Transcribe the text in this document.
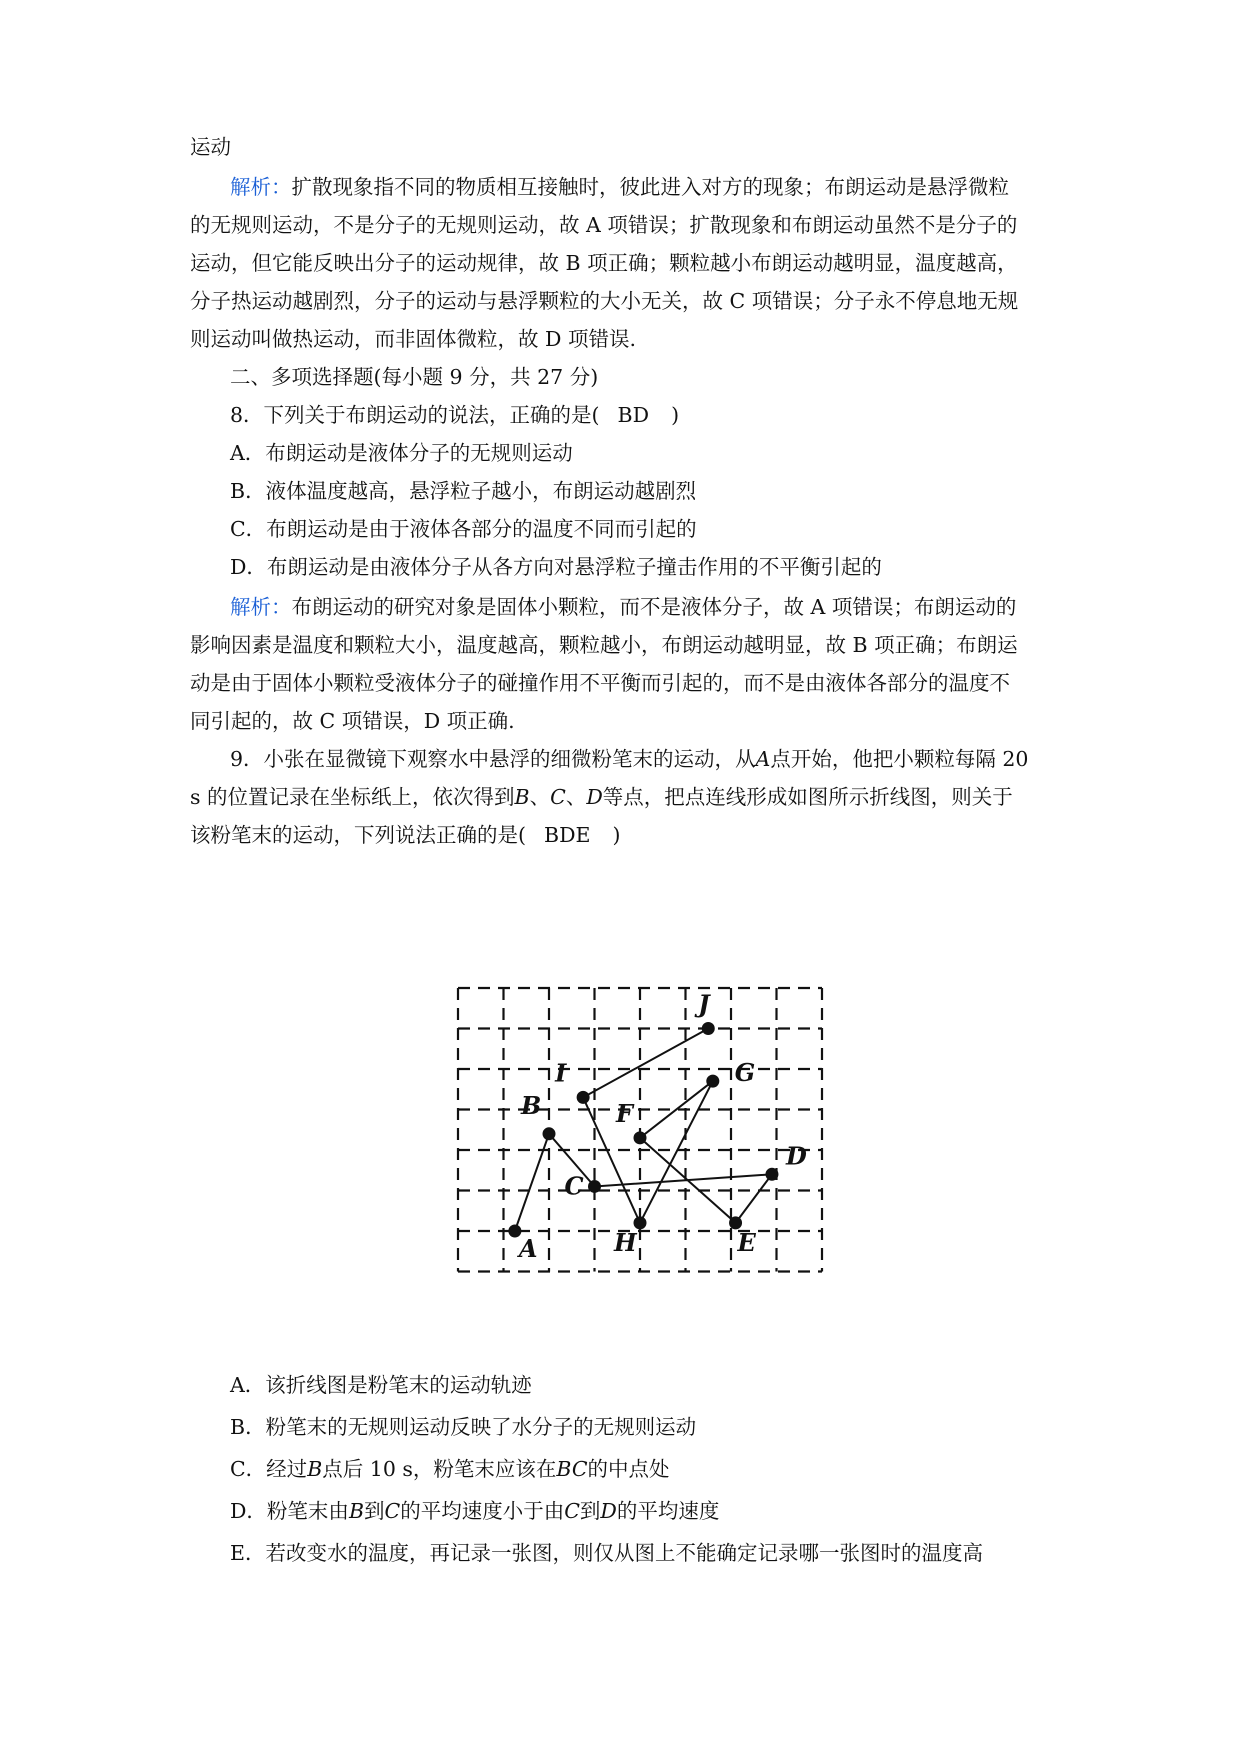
运动
解析：扩散现象指不同的物质相互接触时，彼此进入对方的现象；布朗运动是悬浮微粒
的无规则运动，不是分子的无规则运动，故 A 项错误；扩散现象和布朗运动虽然不是分子的
运动，但它能反映出分子的运动规律，故 B 项正确；颗粒越小布朗运动越明显，温度越高，
分子热运动越剧烈，分子的运动与悬浮颗粒的大小无关，故 C 项错误；分子永不停息地无规
则运动叫做热运动，而非固体微粒，故 D 项错误.
二、多项选择题(每小题 9 分，共 27 分)
8．下列关于布朗运动的说法，正确的是( BD )
A．布朗运动是液体分子的无规则运动
B．液体温度越高，悬浮粒子越小，布朗运动越剧烈
C．布朗运动是由于液体各部分的温度不同而引起的
D．布朗运动是由液体分子从各方向对悬浮粒子撞击作用的不平衡引起的
解析：布朗运动的研究对象是固体小颗粒，而不是液体分子，故 A 项错误；布朗运动的
影响因素是温度和颗粒大小，温度越高，颗粒越小，布朗运动越明显，故 B 项正确；布朗运
动是由于固体小颗粒受液体分子的碰撞作用不平衡而引起的，而不是由液体各部分的温度不
同引起的，故 C 项错误，D 项正确.
9．小张在显微镜下观察水中悬浮的细微粉笔末的运动，从A点开始，他把小颗粒每隔 20
s 的位置记录在坐标纸上，依次得到B、C、D等点，把点连线形成如图所示折线图，则关于
该粉笔末的运动，下列说法正确的是( BDE )
A
B
C
D
E
F
G
H
I
J
A．该折线图是粉笔末的运动轨迹
B．粉笔末的无规则运动反映了水分子的无规则运动
C．经过B点后 10 s，粉笔末应该在BC的中点处
D．粉笔末由B到C的平均速度小于由C到D的平均速度
E．若改变水的温度，再记录一张图，则仅从图上不能确定记录哪一张图时的温度高
